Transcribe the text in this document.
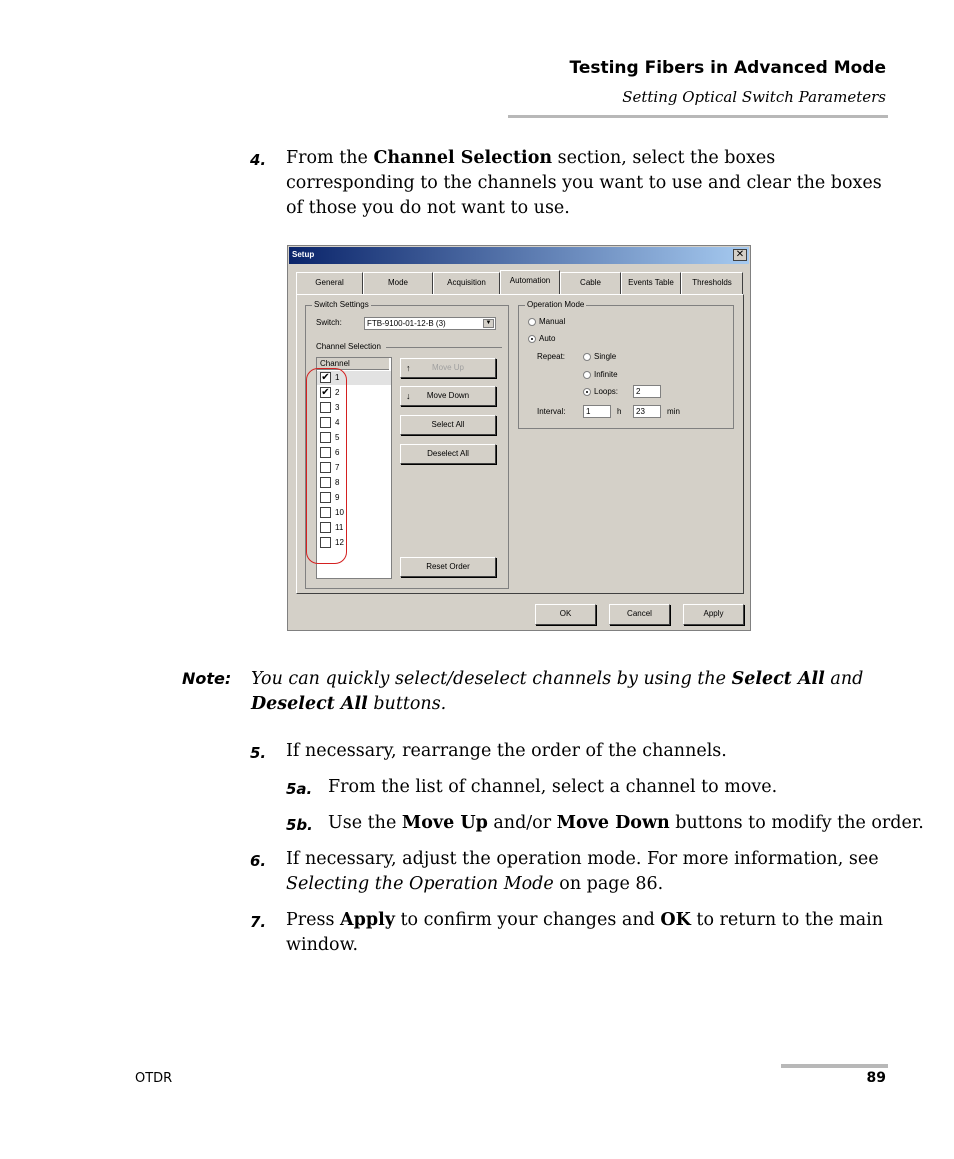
Testing Fibers in Advanced Mode
Setting Optical Switch Parameters
4. From the Channel Selection section, select the boxes corresponding to the channels you want to use and clear the boxes of those you do not want to use.
Setup	✕
General	Mode	Acquisition	Automation	Cable	Events Table	Thresholds
Switch Settings
Switch:	FTB-9100-01-12-B (3)	▼
Channel Selection
Channel
✔ 1
✔ 2
3
4
5
6
7
8
9
10
11
12
↑	Move Up
↓ Move Down
Select All
Deselect All
Reset Order
Operation Mode
Manual
Auto
Repeat:	Single
Infinite
Loops:	2
Interval:	1	h	23	min
OK	Cancel	Apply
Note: You can quickly select/deselect channels by using the Select All and
Deselect All buttons.
5. If necessary, rearrange the order of the channels.
5a. From the list of channel, select a channel to move.
5b. Use the Move Up and/or Move Down buttons to modify the order.
6. If necessary, adjust the operation mode. For more information, see Selecting the Operation Mode on page 86.
7. Press Apply to confirm your changes and OK to return to the main window.
OTDR	89
